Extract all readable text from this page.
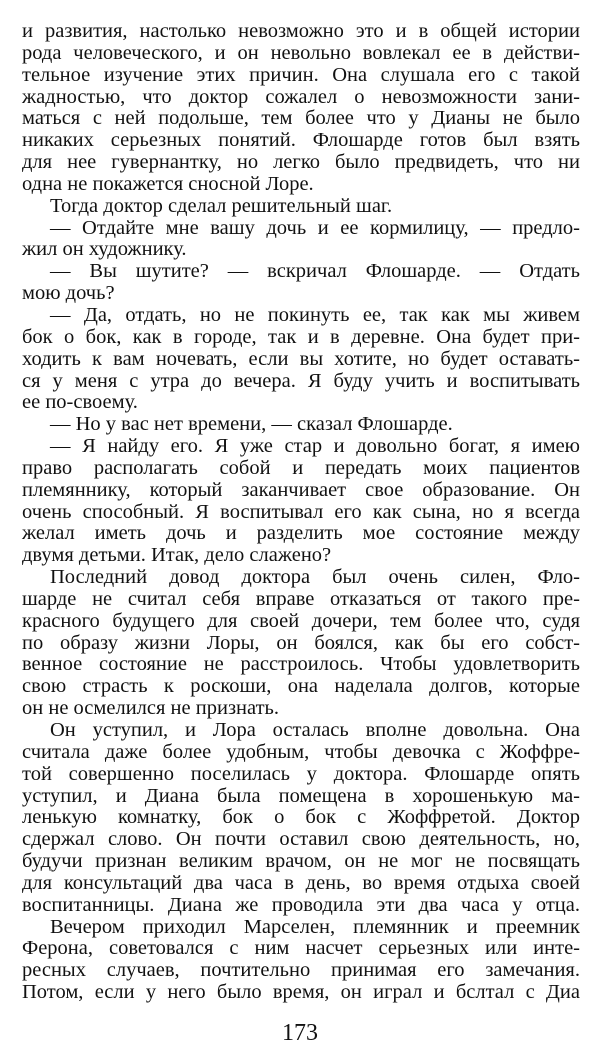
и развития, настолько невозможно это и в общей истории
рода человеческого, и он невольно вовлекал ее в действи-
тельное изучение этих причин. Она слушала его с такой
жадностью, что доктор сожалел о невозможности зани-
маться с ней подольше, тем более что у Дианы не было
никаких серьезных понятий. Флошарде готов был взять
для нее гувернантку, но легко было предвидеть, что ни
одна не покажется сносной Лоре.
Тогда доктор сделал решительный шаг.
— Отдайте мне вашу дочь и ее кормилицу, — предло-
жил он художнику.
— Вы шутите? — вскричал Флошарде. — Отдать
мою дочь?
— Да, отдать, но не покинуть ее, так как мы живем
бок о бок, как в городе, так и в деревне. Она будет при-
ходить к вам ночевать, если вы хотите, но будет оставать-
ся у меня с утра до вечера. Я буду учить и воспитывать
ее по-своему.
— Но у вас нет времени, — сказал Флошарде.
— Я найду его. Я уже стар и довольно богат, я имею
право располагать собой и передать моих пациентов
племяннику, который заканчивает свое образование. Он
очень способный. Я воспитывал его как сына, но я всегда
желал иметь дочь и разделить мое состояние между
двумя детьми. Итак, дело слажено?
Последний довод доктора был очень силен, Фло-
шарде не считал себя вправе отказаться от такого пре-
красного будущего для своей дочери, тем более что, судя
по образу жизни Лоры, он боялся, как бы его собст-
венное состояние не расстроилось. Чтобы удовлетворить
свою страсть к роскоши, она наделала долгов, которые
он не осмелился не признать.
Он уступил, и Лора осталась вполне довольна. Она
считала даже более удобным, чтобы девочка с Жоффре-
той совершенно поселилась у доктора. Флошарде опять
уступил, и Диана была помещена в хорошенькую ма-
ленькую комнатку, бок о бок с Жоффретой. Доктор
сдержал слово. Он почти оставил свою деятельность, но,
будучи признан великим врачом, он не мог не посвящать
для консультаций два часа в день, во время отдыха своей
воспитанницы. Диана же проводила эти два часа у отца.
Вечером приходил Марселен, племянник и преемник
Ферона, советовался с ним насчет серьезных или инте-
ресных случаев, почтительно принимая его замечания.
Потом, если у него было время, он играл и бслтал с Диа
173
